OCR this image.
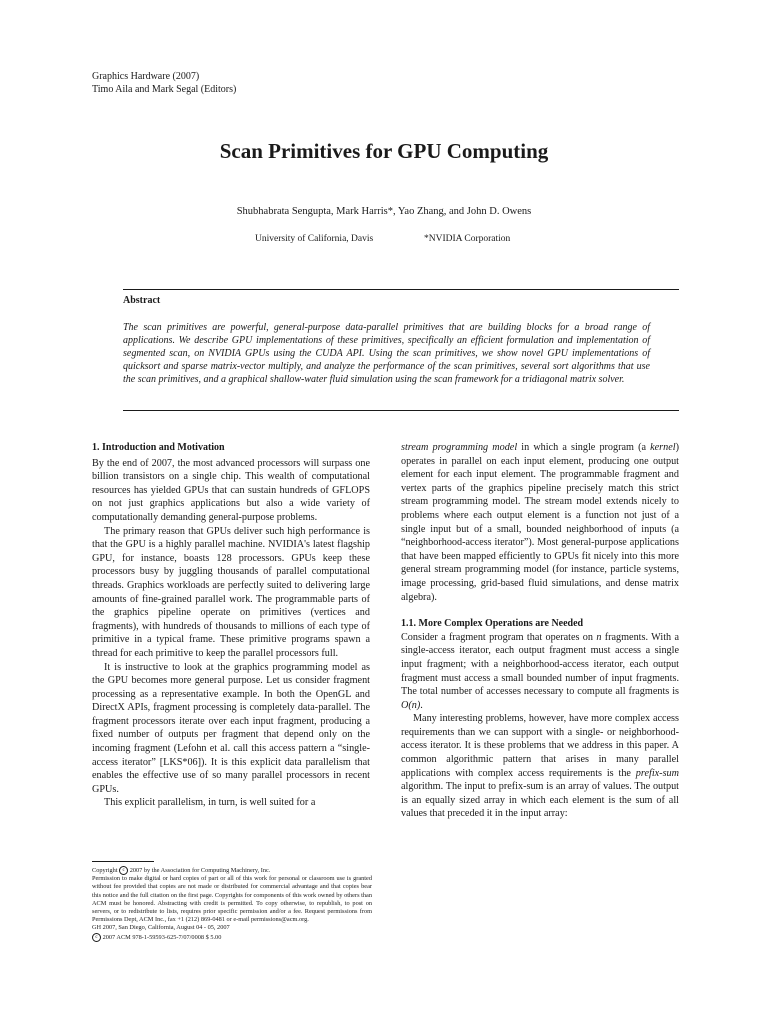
Graphics Hardware (2007)
Timo Aila and Mark Segal (Editors)
Scan Primitives for GPU Computing
Shubhabrata Sengupta, Mark Harris*, Yao Zhang, and John D. Owens
University of California, Davis	*NVIDIA Corporation
Abstract
The scan primitives are powerful, general-purpose data-parallel primitives that are building blocks for a broad range of applications. We describe GPU implementations of these primitives, specifically an efficient formulation and implementation of segmented scan, on NVIDIA GPUs using the CUDA API. Using the scan primitives, we show novel GPU implementations of quicksort and sparse matrix-vector multiply, and analyze the performance of the scan primitives, several sort algorithms that use the scan primitives, and a graphical shallow-water fluid simulation using the scan framework for a tridiagonal matrix solver.
1. Introduction and Motivation

By the end of 2007, the most advanced processors will surpass one billion transistors on a single chip. This wealth of computational resources has yielded GPUs that can sustain hundreds of GFLOPS on not just graphics applications but also a wide variety of computationally demanding general-purpose problems.

The primary reason that GPUs deliver such high performance is that the GPU is a highly parallel machine. NVIDIA's latest flagship GPU, for instance, boasts 128 processors. GPUs keep these processors busy by juggling thousands of parallel computational threads. Graphics workloads are perfectly suited to delivering large amounts of fine-grained parallel work. The programmable parts of the graphics pipeline operate on primitives (vertices and fragments), with hundreds of thousands to millions of each type of primitive in a typical frame. These primitive programs spawn a thread for each primitive to keep the parallel processors full.

It is instructive to look at the graphics programming model as the GPU becomes more general purpose. Let us consider fragment processing as a representative example. In both the OpenGL and DirectX APIs, fragment processing is completely data-parallel. The fragment processors iterate over each input fragment, producing a fixed number of outputs per fragment that depend only on the incoming fragment (Lefohn et al. call this access pattern a “single-access iterator” [LKS*06]). It is this explicit data parallelism that enables the effective use of so many parallel processors in recent GPUs.

This explicit parallelism, in turn, is well suited for a

stream programming model in which a single program (a kernel) operates in parallel on each input element, producing one output element for each input element. The programmable fragment and vertex parts of the graphics pipeline precisely match this strict stream programming model. The stream model extends nicely to problems where each output element is a function not just of a single input but of a small, bounded neighborhood of inputs (a “neighborhood-access iterator”). Most general-purpose applications that have been mapped efficiently to GPUs fit nicely into this more general stream programming model (for instance, particle systems, image processing, grid-based fluid simulations, and dense matrix algebra).

1.1. More Complex Operations are Needed

Consider a fragment program that operates on n fragments. With a single-access iterator, each output fragment must access a single input fragment; with a neighborhood-access iterator, each output fragment must access a small bounded number of input fragments. The total number of accesses necessary to compute all fragments is O(n).

Many interesting problems, however, have more complex access requirements than we can support with a single- or neighborhood-access iterator. It is these problems that we address in this paper. A common algorithmic pattern that arises in many parallel applications with complex access requirements is the prefix-sum algorithm. The input to prefix-sum is an array of values. The output is an equally sized array in which each element is the sum of all values that preceded it in the input array:

Copyright c 2007 by the Association for Computing Machinery, Inc.
Permission to make digital or hard copies of part or all of this work for personal or classroom use is granted without fee provided that copies are not made or distributed for commercial advantage and that copies bear this notice and the full citation on the first page. Copyrights for components of this work owned by others than ACM must be honored. Abstracting with credit is permitted. To copy otherwise, to republish, to post on servers, or to redistribute to lists, requires prior specific permission and/or a fee. Request permissions from Permissions Dept, ACM Inc., fax +1 (212) 869-0481 or e-mail permissions@acm.org.
GH 2007, San Diego, California, August 04 - 05, 2007
c 2007 ACM 978-1-59593-625-7/07/0008 $ 5.00
